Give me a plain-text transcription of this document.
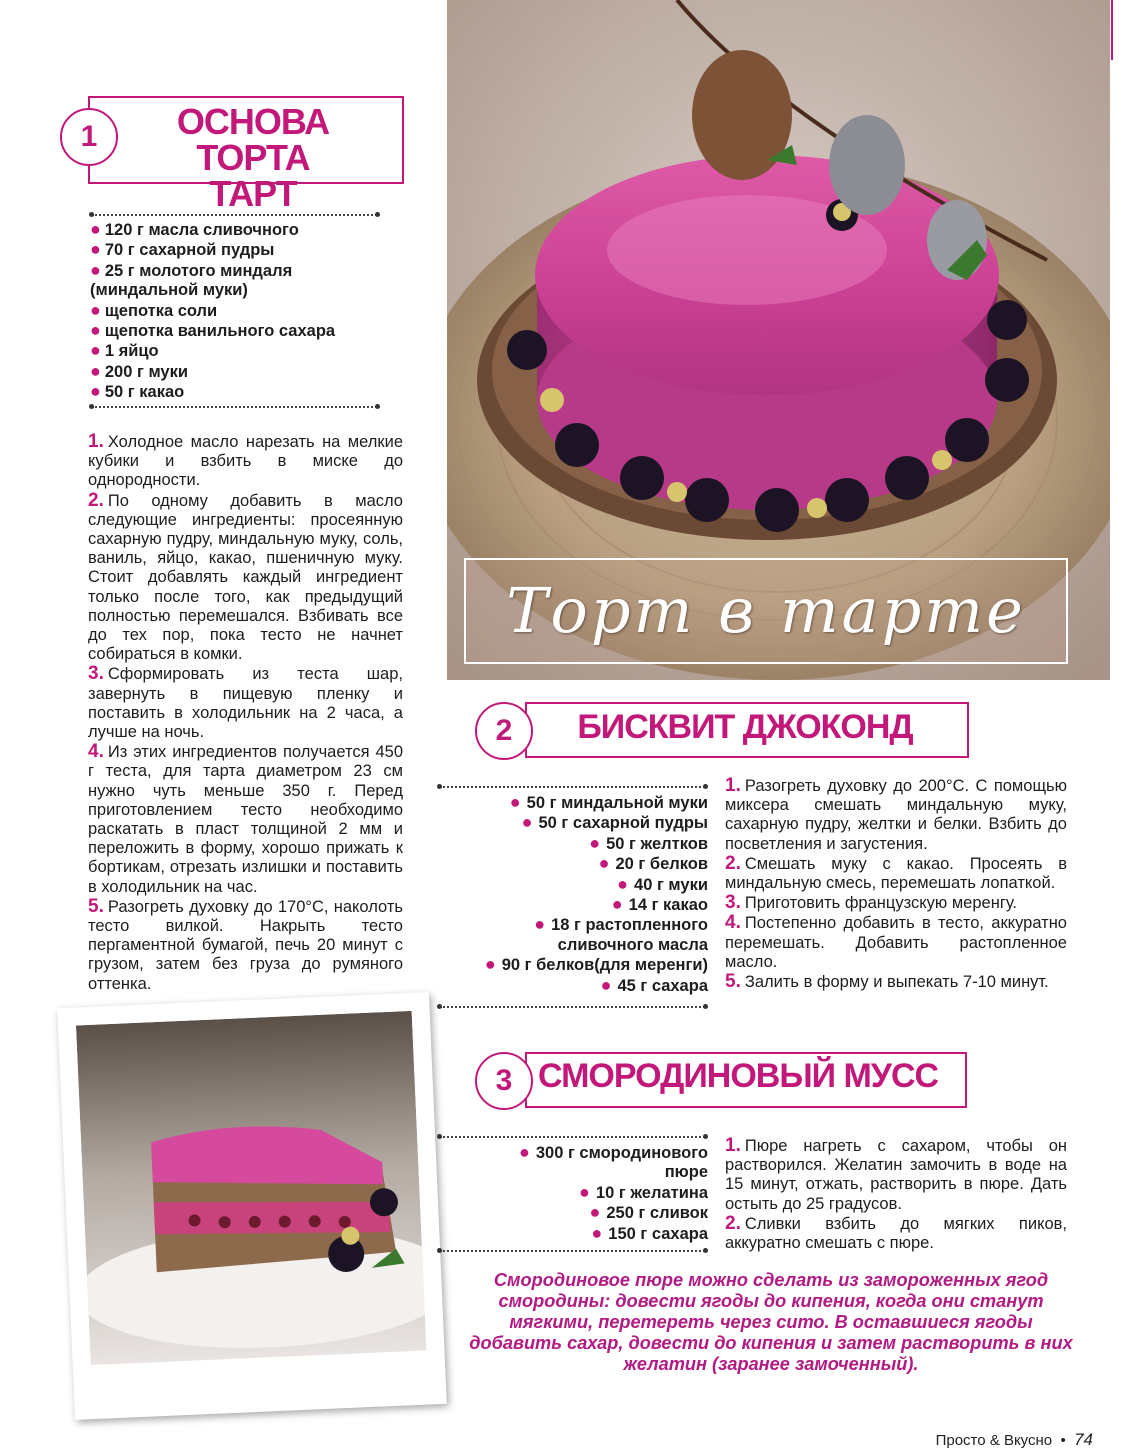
Торт в тарте
1	ОСНОВА ТОРТА
ТАРТ
● 120 г масла сливочного
● 70 г сахарной пудры
● 25 г молотого миндаля (миндальной муки)
● щепотка соли
● щепотка ванильного сахара
● 1 яйцо
● 200 г муки
● 50 г какао

1. Холодное масло нарезать на мелкие кубики и взбить в миске до однородности.

2. По одному добавить в масло следующие ингредиенты: просеянную сахарную пудру, миндальную муку, соль, ваниль, яйцо, какао, пшеничную муку. Стоит добавлять каждый ингредиент только после того, как предыдущий полностью перемешался. Взбивать все до тех пор, пока тесто не начнет собираться в комки.

3. Сформировать из теста шар, завернуть в пищевую пленку и поставить в холодильник на 2 часа, а лучше на ночь.

4. Из этих ингредиентов получается 450 г теста, для тарта диаметром 23 см нужно чуть меньше 350 г. Перед приготовлением тесто необходимо раскатать в пласт толщиной 2 мм и переложить в форму, хорошо прижать к бортикам, отрезать излишки и поставить в холодильник на час.

5. Разогреть духовку до 170°С, наколоть тесто вилкой. Накрыть тесто пергаментной бумагой, печь 20 минут с грузом, затем без груза до румяного оттенка.

2	БИСКВИТ ДЖОКОНД
● 50 г миндальной муки
● 50 г сахарной пудры
● 50 г желтков
● 20 г белков
● 40 г муки
● 14 г какао
● 18 г растопленного сливочного масла
● 90 г белков(для меренги)
● 45 г сахара

1. Разогреть духовку до 200°С. С помощью миксера смешать миндальную муку, сахарную пудру, желтки и белки. Взбить до посветления и загустения.

2. Смешать муку с какао. Просеять в миндальную смесь, перемешать лопаткой.

3. Приготовить французскую меренгу.

4. Постепенно добавить в тесто, аккуратно перемешать. Добавить растопленное масло.

5. Залить в форму и выпекать 7-10 минут.

3 СМОРОДИНОВЫЙ МУСС
● 300 г смородинового пюре
● 10 г желатина
● 250 г сливок
● 150 г сахара

1. Пюре нагреть с сахаром, чтобы он растворился. Желатин замочить в воде на 15 минут, отжать, растворить в пюре. Дать остыть до 25 градусов.

2. Сливки взбить до мягких пиков, аккуратно смешать с пюре.

Смородиновое пюре можно сделать из замороженных ягод смородины: довести ягоды до кипения, когда они станут мягкими, перетереть через сито. В оставшиеся ягоды добавить сахар, довести до кипения и затем растворить в них желатин (заранее замоченный).
Просто & Вкусно  •  74
